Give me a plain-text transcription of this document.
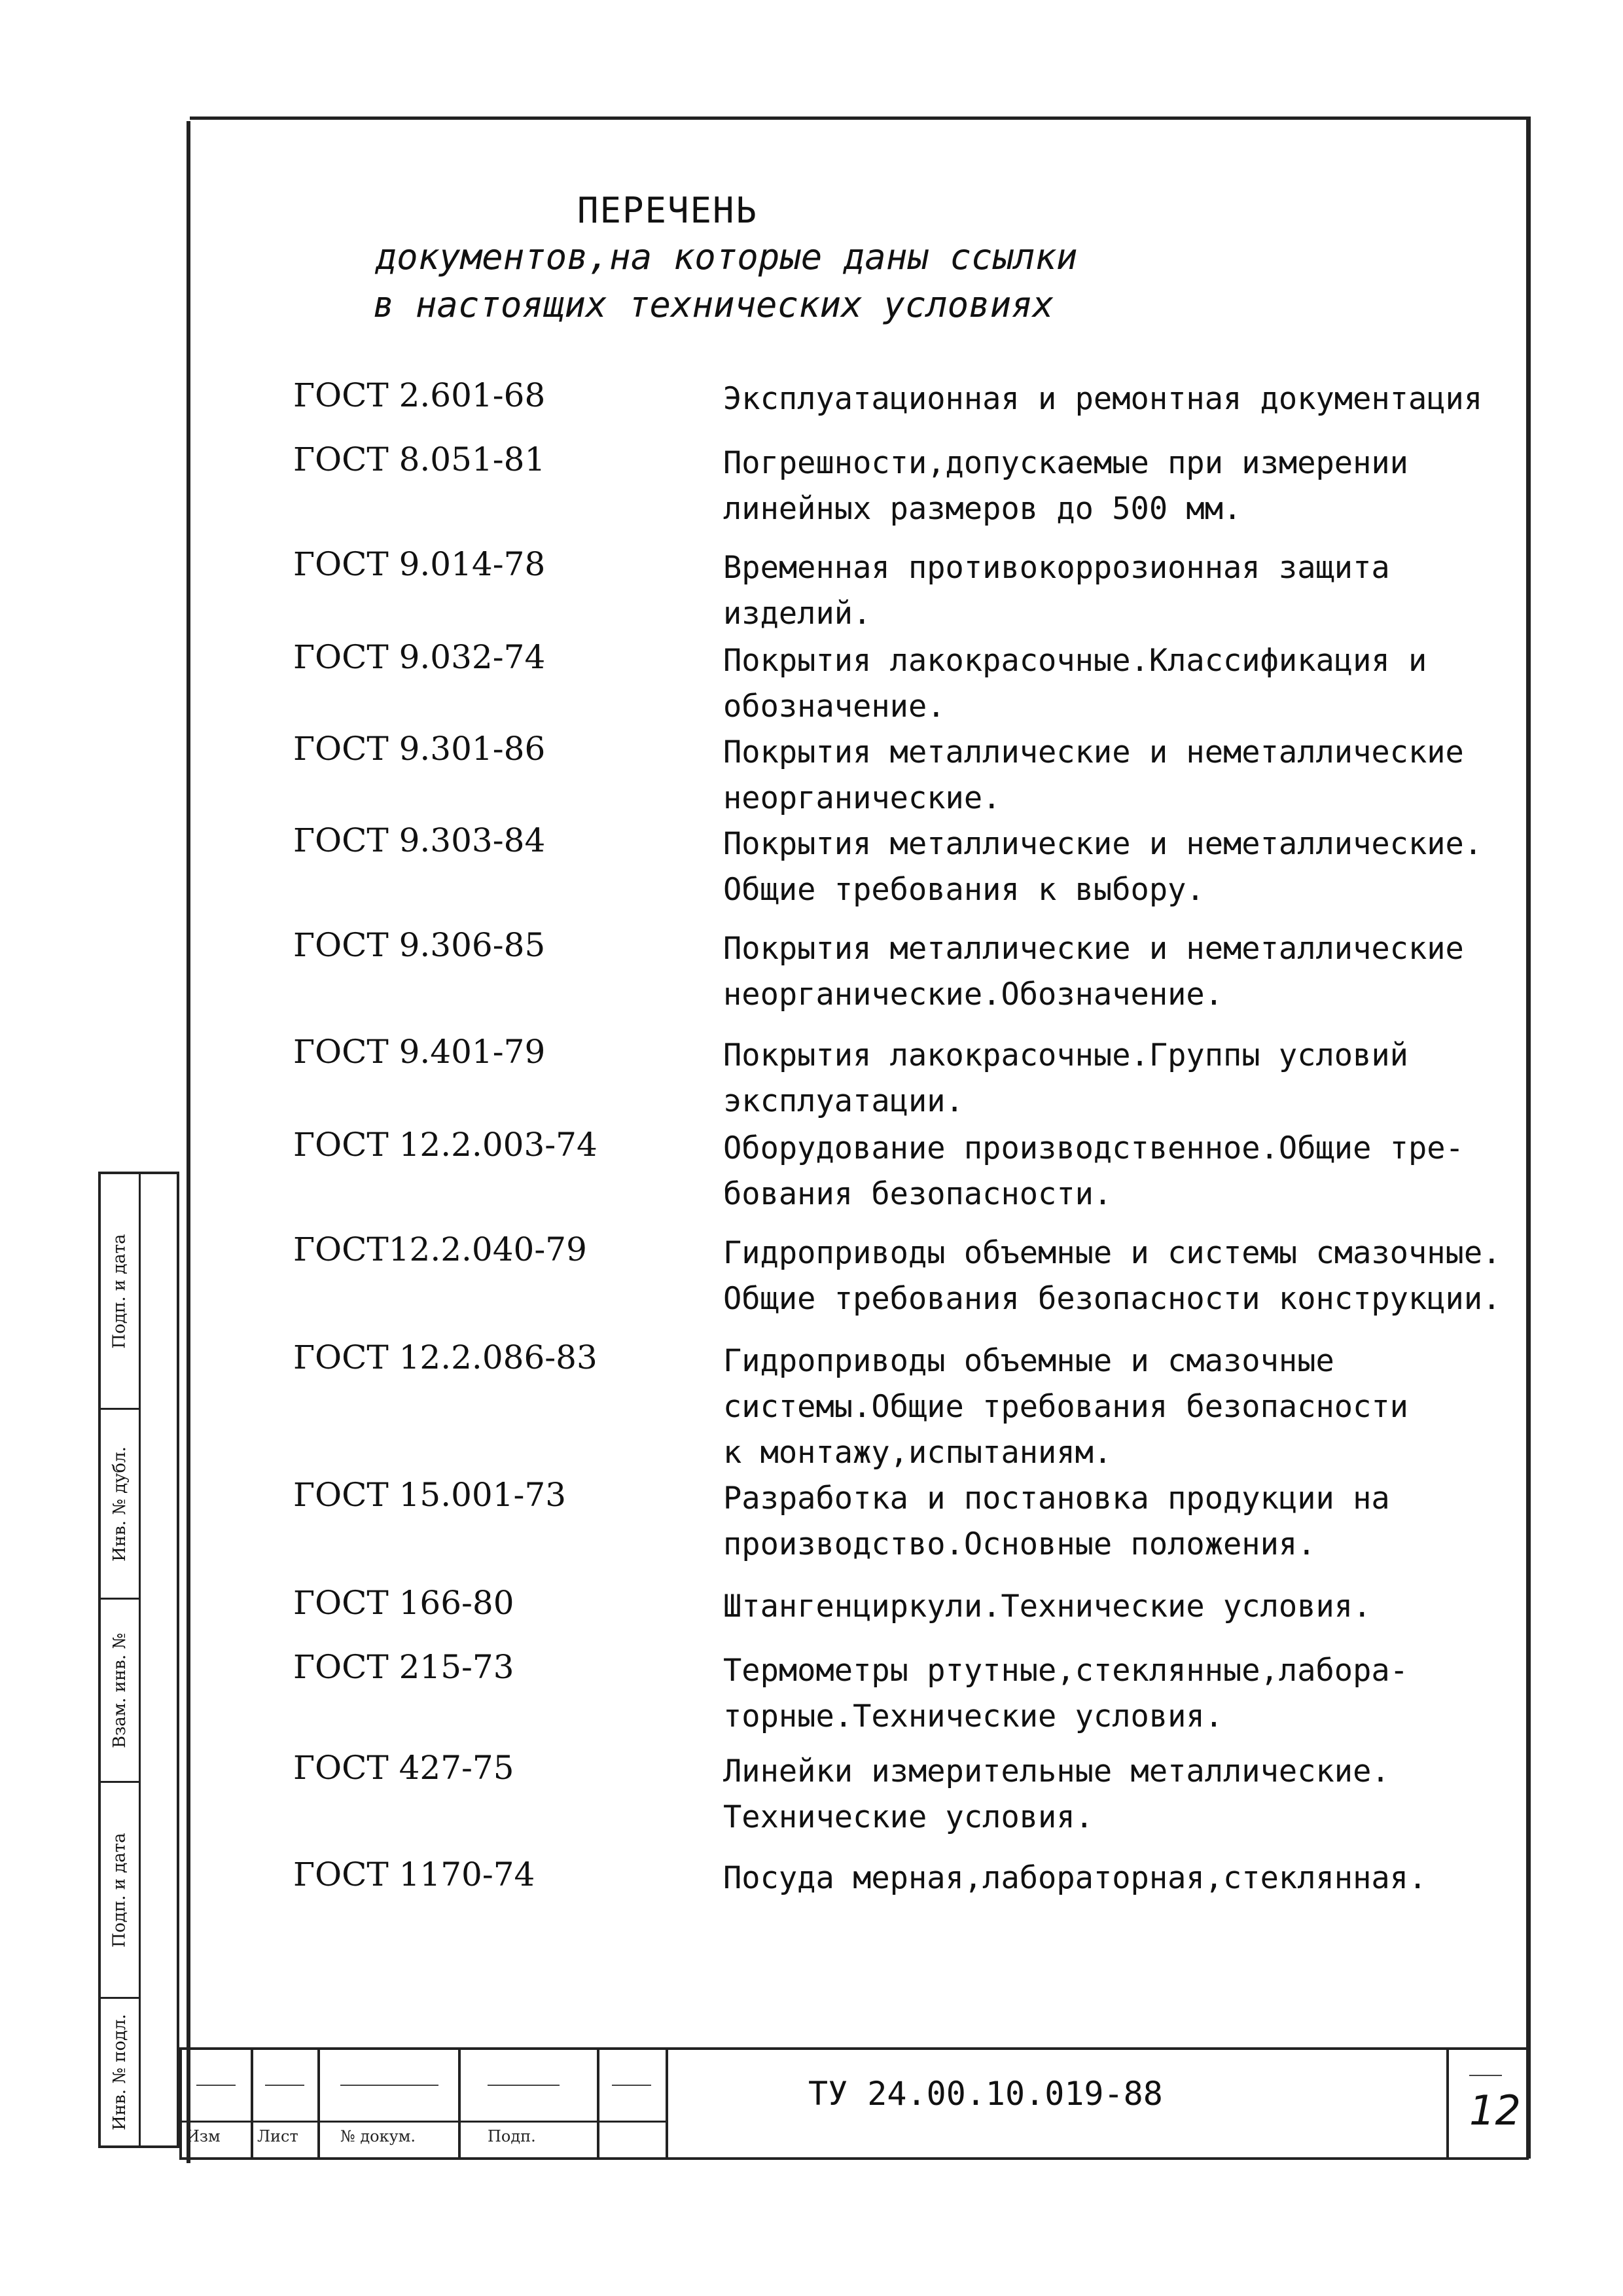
ПЕРЕЧЕНЬ
документов,на которые даны ссылки
в настоящих технических условиях
ГОСТ 2.601-68	Эксплуатационная и ремонтная документация
ГОСТ 8.051-81	Погрешности,допускаемые при измерении
линейных размеров до 500 мм.
ГОСТ 9.014-78	Временная противокоррозионная защита
изделий.
ГОСТ 9.032-74	Покрытия лакокрасочные.Классификация и
обозначение.
ГОСТ 9.301-86	Покрытия металлические и неметаллические
неорганические.
ГОСТ 9.303-84	Покрытия металлические и неметаллические.
Общие требования к выбору.
ГОСТ 9.306-85	Покрытия металлические и неметаллические
неорганические.Обозначение.
ГОСТ 9.401-79	Покрытия лакокрасочные.Группы условий
эксплуатации.
ГОСТ 12.2.003-74	Оборудование производственное.Общие тре-
бования безопасности.
ГОСТ12.2.040-79	Гидроприводы объемные и системы смазочные.
Общие требования безопасности конструкции.
ГОСТ 12.2.086-83	Гидроприводы объемные и смазочные
системы.Общие требования безопасности
к монтажу,испытаниям.
ГОСТ 15.001-73	Разработка и постановка продукции на
производство.Основные положения.
ГОСТ 166-80	Штангенциркули.Технические условия.
ГОСТ 215-73	Термометры ртутные,стеклянные,лабора-
торные.Технические условия.
ГОСТ 427-75	Линейки измерительные металлические.
Технические условия.
ГОСТ 1170-74	Посуда мерная,лабораторная,стеклянная.
Подп. и дата
Инв. № дубл.
Взам. инв. №
Подп. и дата
Инв. № подл.
Изм Лист	№ докум.	Подп.
ТУ 24.00.10.019-88	12
